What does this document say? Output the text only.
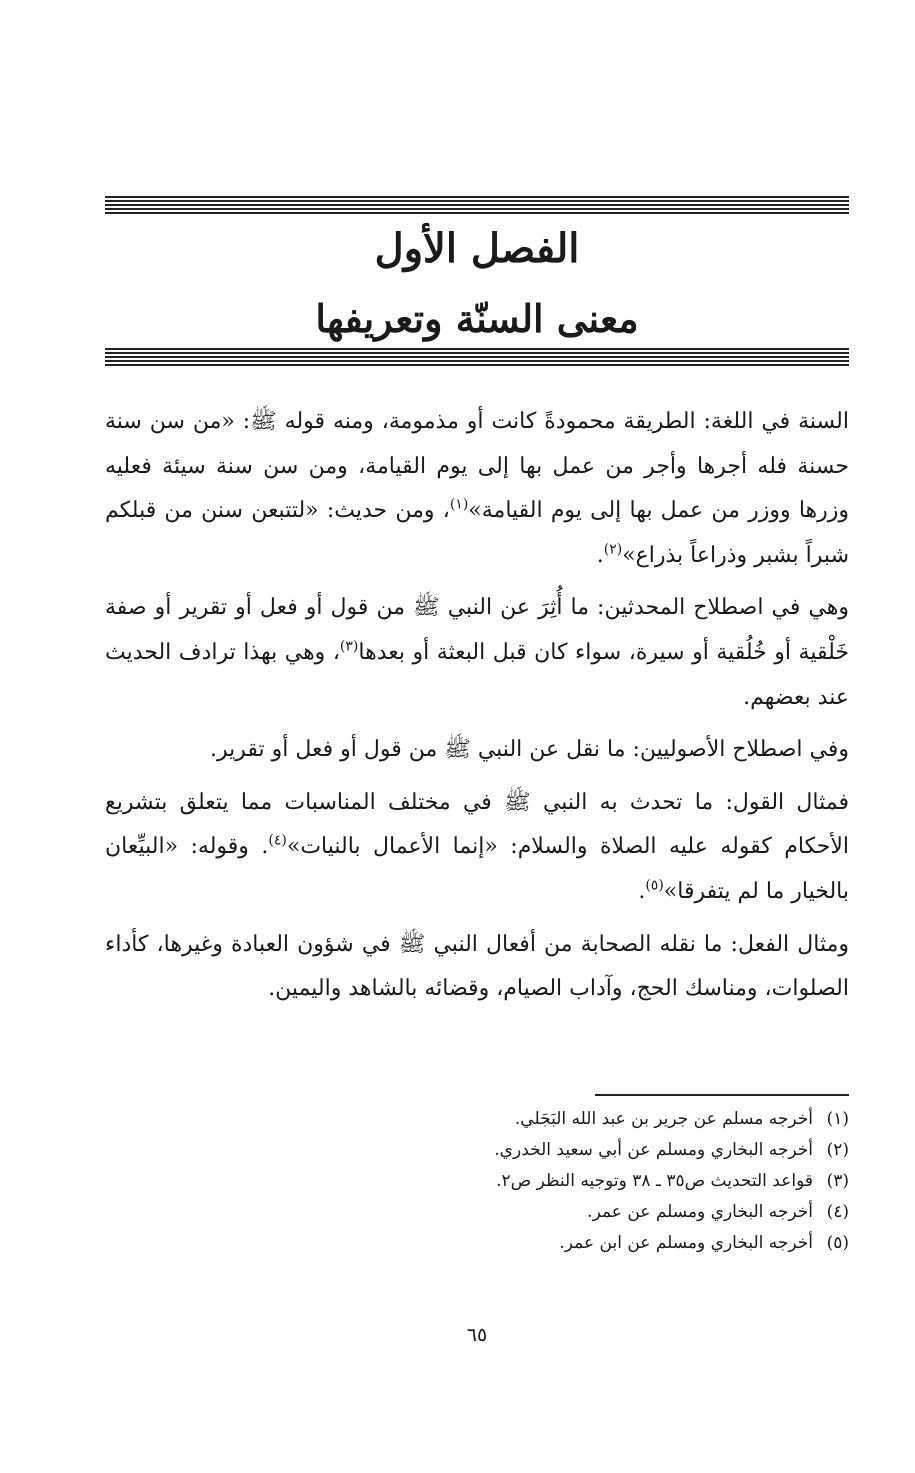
الفصل الأول
معنى السنّة وتعريفها

السنة في اللغة: الطريقة محمودةً كانت أو مذمومة، ومنه قوله ﷺ: «من سن سنة حسنة فله أجرها وأجر من عمل بها إلى يوم القيامة، ومن سن سنة سيئة فعليه وزرها ووزر من عمل بها إلى يوم القيامة»$^{(١)}$، ومن حديث: «لتتبعن سنن من قبلكم شبراً بشبر وذراعاً بذراع»$^{(٢)}$.

وهي في اصطلاح المحدثين: ما أُثِرَ عن النبي ﷺ من قول أو فعل أو تقرير أو صفة خَلْقية أو خُلُقية أو سيرة، سواء كان قبل البعثة أو بعدها$^{(٣)}$، وهي بهذا ترادف الحديث عند بعضهم.

وفي اصطلاح الأصوليين: ما نقل عن النبي ﷺ من قول أو فعل أو تقرير.

فمثال القول: ما تحدث به النبي ﷺ في مختلف المناسبات مما يتعلق بتشريع الأحكام كقوله عليه الصلاة والسلام: «إنما الأعمال بالنيات»$^{(٤)}$. وقوله: «البيِّعان بالخيار ما لم يتفرقا»$^{(٥)}$.

ومثال الفعل: ما نقله الصحابة من أفعال النبي ﷺ في شؤون العبادة وغيرها، كأداء الصلوات، ومناسك الحج، وآداب الصيام، وقضائه بالشاهد واليمين.

(١)
أخرجه مسلم عن جرير بن عبد الله البَجَلي.
(٢)
أخرجه البخاري ومسلم عن أبي سعيد الخدري.
(٣)
قواعد التحديث ص٣٥ ـ ٣٨ وتوجيه النظر ص٢.
(٤)
أخرجه البخاري ومسلم عن عمر.
(٥)
أخرجه البخاري ومسلم عن ابن عمر.
٦٥
